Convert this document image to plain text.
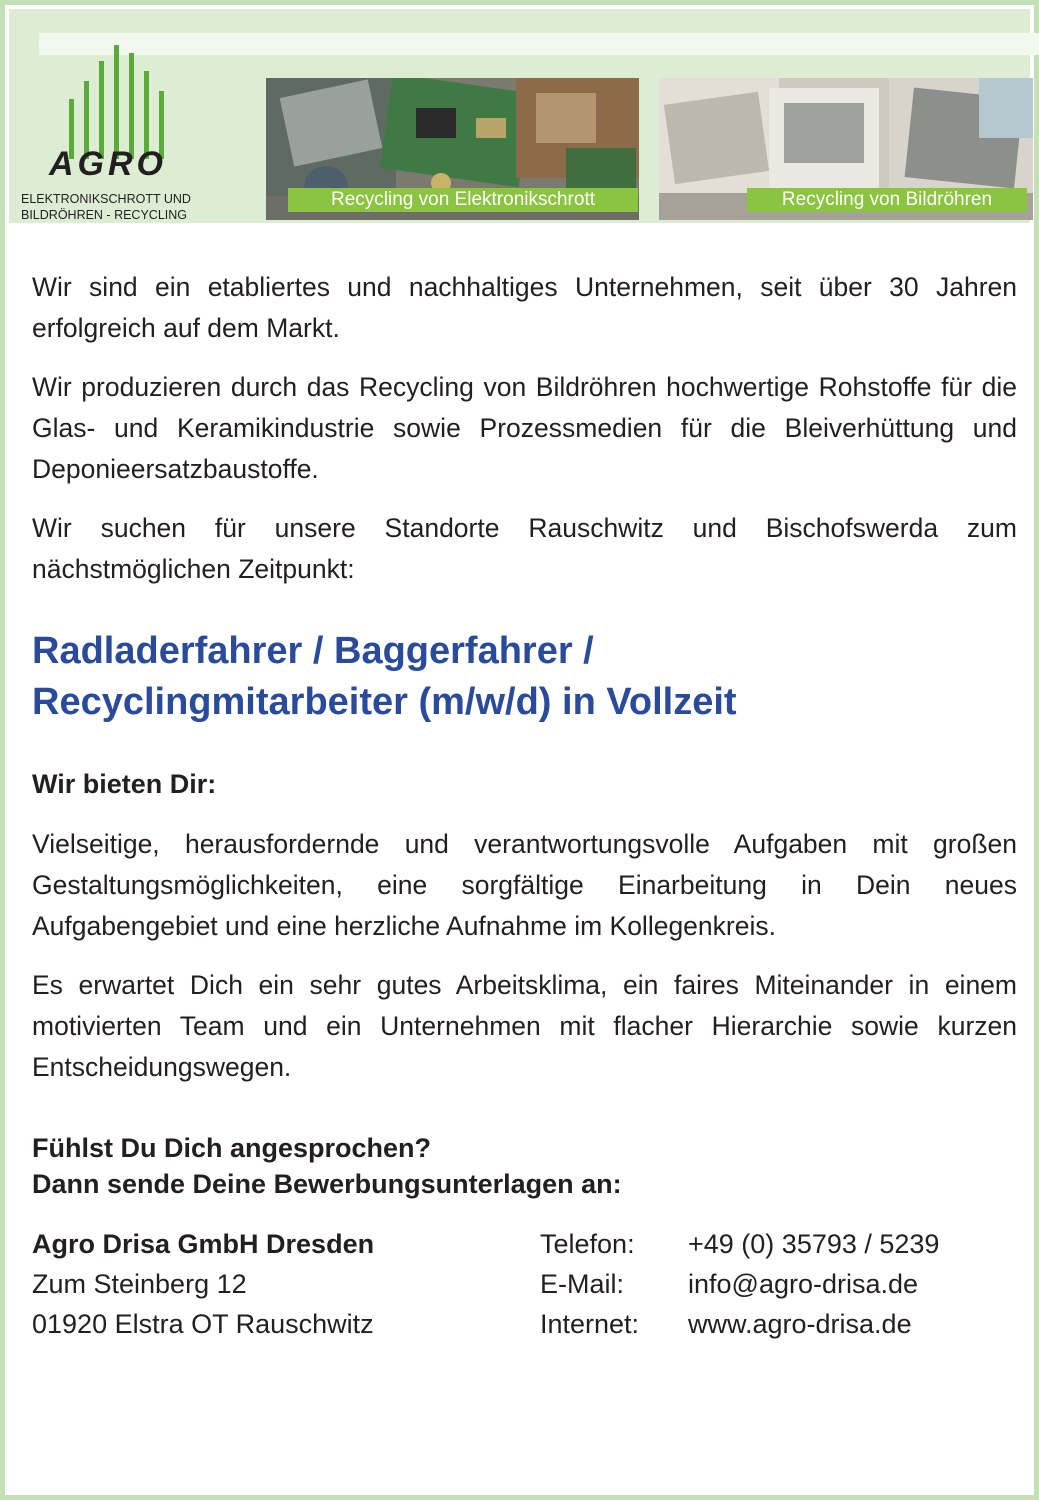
AGRO
ELEKTRONIKSCHROTT UND
BILDRÖHREN - RECYCLING
Recycling von Elektronikschrott	Recycling von Bildröhren

Wir sind ein etabliertes und nachhaltiges Unternehmen, seit über 30 Jahren erfolgreich auf dem Markt.

Wir produzieren durch das Recycling von Bildröhren hochwertige Rohstoffe für die Glas- und Keramikindustrie sowie Prozessmedien für die Bleiverhüttung und Deponieersatzbaustoffe.

Wir suchen für unsere Standorte Rauschwitz und Bischofswerda zum nächstmöglichen Zeitpunkt:

Radladerfahrer / Baggerfahrer /
Recyclingmitarbeiter (m/w/d) in Vollzeit
Wir bieten Dir:

Vielseitige, herausfordernde und verantwortungsvolle Aufgaben mit großen Gestaltungsmöglichkeiten, eine sorgfältige Einarbeitung in Dein neues Aufgabengebiet und eine herzliche Aufnahme im Kollegenkreis.

Es erwartet Dich ein sehr gutes Arbeitsklima, ein faires Miteinander in einem motivierten Team und ein Unternehmen mit flacher Hierarchie sowie kurzen Entscheidungswegen.

Fühlst Du Dich angesprochen?
Dann sende Deine Bewerbungsunterlagen an:
Agro Drisa GmbH Dresden
Zum Steinberg 12
01920 Elstra OT Rauschwitz
Telefon:
E-Mail:
Internet:
+49 (0) 35793 / 5239
info@agro-drisa.de
www.agro-drisa.de
